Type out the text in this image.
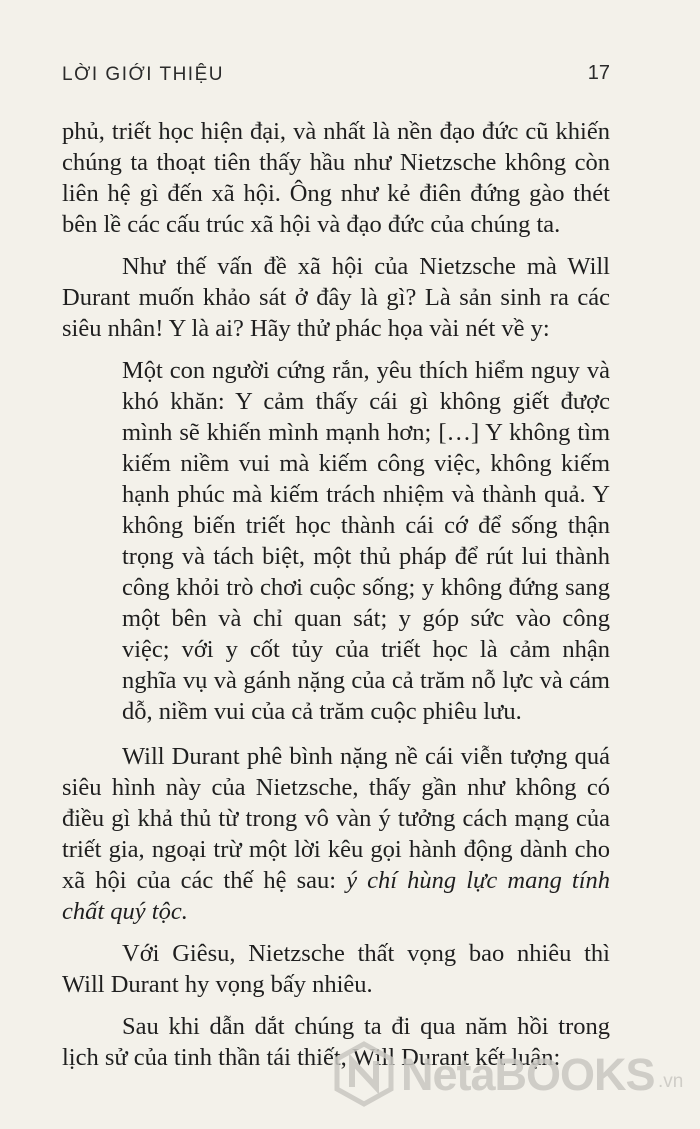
LỜI GIỚI THIỆU	17

phủ, triết học hiện đại, và nhất là nền đạo đức cũ khiến chúng ta thoạt tiên thấy hầu như Nietzsche không còn liên hệ gì đến xã hội. Ông như kẻ điên đứng gào thét bên lề các cấu trúc xã hội và đạo đức của chúng ta.

Như thế vấn đề xã hội của Nietzsche mà Will Durant muốn khảo sát ở đây là gì? Là sản sinh ra các siêu nhân! Y là ai? Hãy thử phác họa vài nét về y:

Một con người cứng rắn, yêu thích hiểm nguy và khó khăn: Y cảm thấy cái gì không giết được mình sẽ khiến mình mạnh hơn; […] Y không tìm kiếm niềm vui mà kiếm công việc, không kiếm hạnh phúc mà kiếm trách nhiệm và thành quả. Y không biến triết học thành cái cớ để sống thận trọng và tách biệt, một thủ pháp để rút lui thành công khỏi trò chơi cuộc sống; y không đứng sang một bên và chỉ quan sát; y góp sức vào công việc; với y cốt tủy của triết học là cảm nhận nghĩa vụ và gánh nặng của cả trăm nỗ lực và cám dỗ, niềm vui của cả trăm cuộc phiêu lưu.

Will Durant phê bình nặng nề cái viễn tượng quá siêu hình này của Nietzsche, thấy gần như không có điều gì khả thủ từ trong vô vàn ý tưởng cách mạng của triết gia, ngoại trừ một lời kêu gọi hành động dành cho xã hội của các thế hệ sau: ý chí hùng lực mang tính chất quý tộc.

Với Giêsu, Nietzsche thất vọng bao nhiêu thì Will Durant hy vọng bấy nhiêu.

Sau khi dẫn dắt chúng ta đi qua năm hồi trong lịch sử của tinh thần tái thiết, Will Durant kết luận:

NetaBOOKS .vn
